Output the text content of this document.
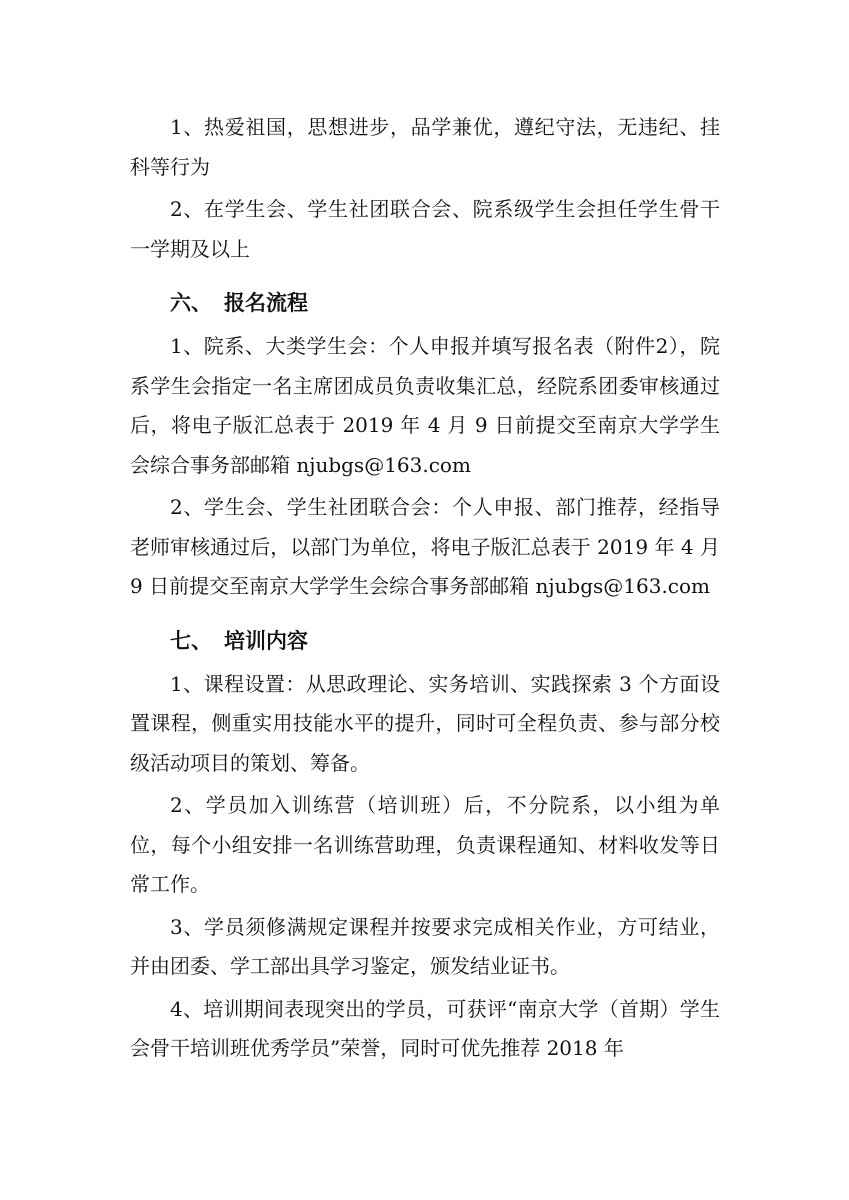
1、热爱祖国，思想进步，品学兼优，遵纪守法，无违纪、挂科等行为

2、在学生会、学生社团联合会、院系级学生会担任学生骨干一学期及以上

六、 报名流程

1、院系、大类学生会：个人申报并填写报名表（附件2），院系学生会指定一名主席团成员负责收集汇总，经院系团委审核通过后，将电子版汇总表于 2019 年 4 月 9 日前提交至南京大学学生会综合事务部邮箱 njubgs@163.com

2、学生会、学生社团联合会：个人申报、部门推荐，经指导老师审核通过后，以部门为单位，将电子版汇总表于 2019 年 4 月 9 日前提交至南京大学学生会综合事务部邮箱 njubgs@163.com

七、 培训内容

1、课程设置：从思政理论、实务培训、实践探索 3 个方面设置课程，侧重实用技能水平的提升，同时可全程负责、参与部分校级活动项目的策划、筹备。

2、学员加入训练营（培训班）后，不分院系，以小组为单位，每个小组安排一名训练营助理，负责课程通知、材料收发等日常工作。

3、学员须修满规定课程并按要求完成相关作业，方可结业，并由团委、学工部出具学习鉴定，颁发结业证书。

4、培训期间表现突出的学员，可获评“南京大学（首期）学生会骨干培训班优秀学员”荣誉，同时可优先推荐 2018 年
